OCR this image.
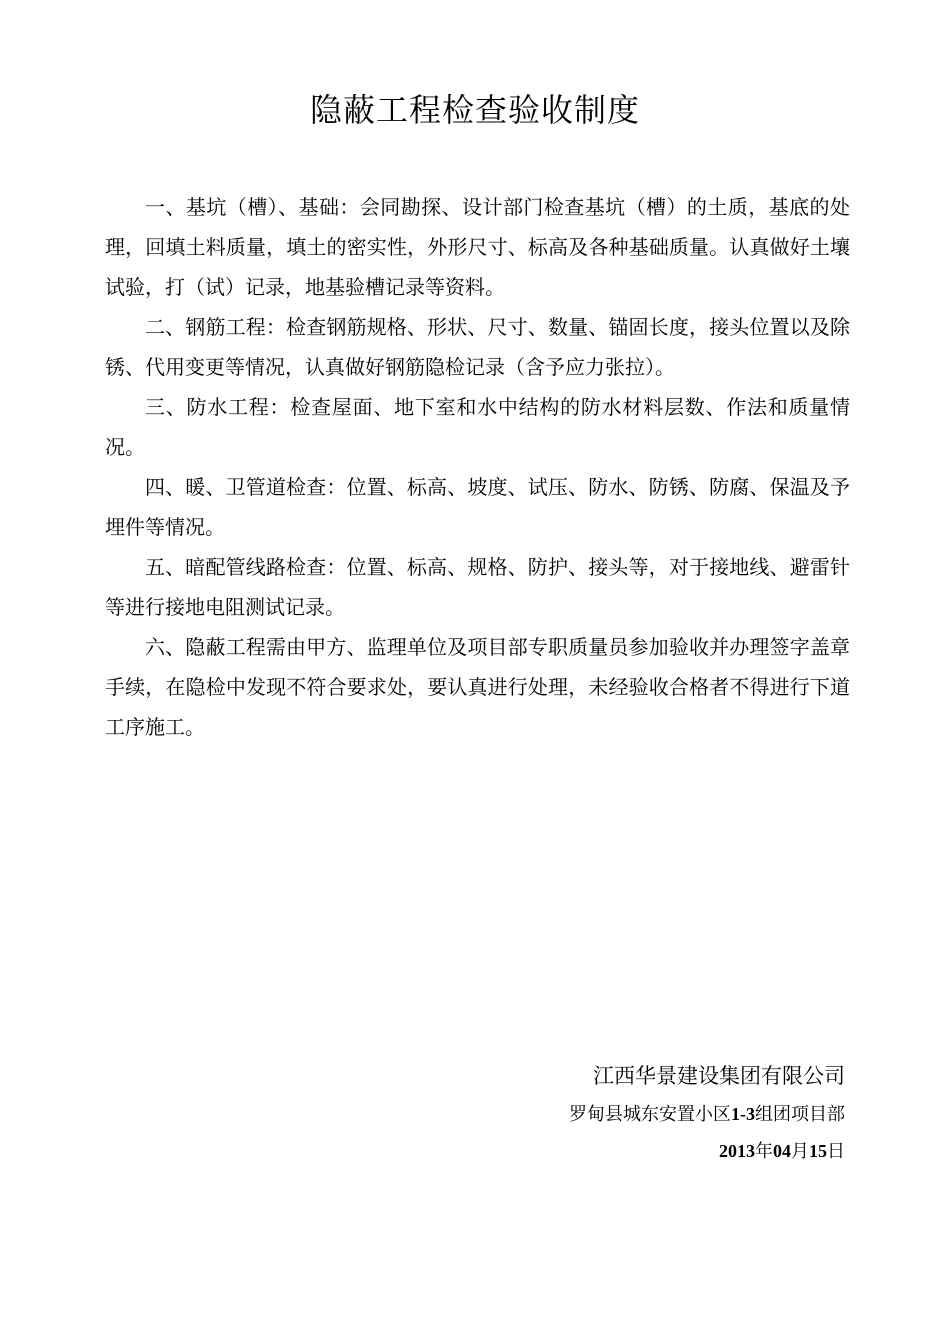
隐蔽工程检查验收制度

一、基坑（槽）、基础：会同勘探、设计部门检查基坑（槽）的土质，基底的处理，回填土料质量，填土的密实性，外形尺寸、标高及各种基础质量。认真做好土壤试验，打（试）记录，地基验槽记录等资料。

二、钢筋工程：检查钢筋规格、形状、尺寸、数量、锚固长度，接头位置以及除锈、代用变更等情况，认真做好钢筋隐检记录（含予应力张拉）。

三、防水工程：检查屋面、地下室和水中结构的防水材料层数、作法和质量情况。

四、暖、卫管道检查：位置、标高、坡度、试压、防水、防锈、防腐、保温及予埋件等情况。

五、暗配管线路检查：位置、标高、规格、防护、接头等，对于接地线、避雷针等进行接地电阻测试记录。

六、隐蔽工程需由甲方、监理单位及项目部专职质量员参加验收并办理签字盖章手续，在隐检中发现不符合要求处，要认真进行处理，未经验收合格者不得进行下道工序施工。

江西华景建设集团有限公司
罗甸县城东安置小区1-3组团项目部
2013年04月15日
